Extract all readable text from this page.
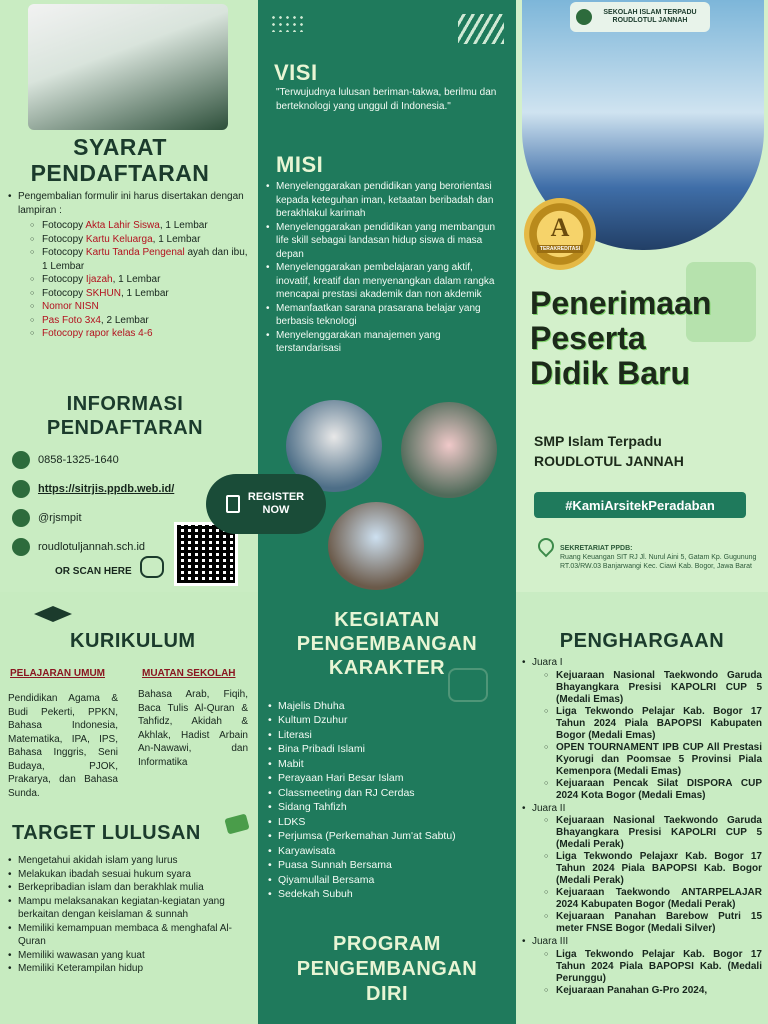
SYARAT PENDAFTARAN
• Pengembalian formulir ini harus disertakan dengan lampiran :
○ Fotocopy Akta Lahir Siswa, 1 Lembar
○ Fotocopy Kartu Keluarga, 1 Lembar
○ Fotocopy Kartu Tanda Pengenal ayah dan ibu, 1 Lembar
○ Fotocopy Ijazah, 1 Lembar
○ Fotocopy SKHUN, 1 Lembar
○ Nomor NISN
○ Pas Foto 3x4, 2 Lembar
○ Fotocopy rapor kelas 4-6
INFORMASI PENDAFTARAN
0858-1325-1640
https://sitrjis.ppdb.web.id/
@rjsmpit
roudlotuljannah.sch.id
OR SCAN HERE
VISI
"Terwujudnya lulusan beriman-takwa, berilmu dan berteknologi yang unggul di Indonesia."
MISI
• Menyelenggarakan pendidikan yang berorientasi kepada keteguhan iman, ketaatan beribadah dan berakhlakul karimah
• Menyelenggarakan pendidikan yang membangun life skill sebagai landasan hidup siswa di masa depan
• Menyelenggarakan pembelajaran yang aktif, inovatif, kreatif dan menyenangkan dalam rangka mencapai prestasi akademik dan non akdemik
• Memanfaatkan sarana prasarana belajar yang berbasis teknologi
• Menyelenggarakan manajemen yang terstandarisasi
REGISTER NOW
SEKOLAH ISLAM TERPADU ROUDLOTUL JANNAH
A
TERAKREDITASI
Penerimaan
Peserta
Didik Baru
SMP Islam Terpadu
ROUDLOTUL JANNAH
#KamiArsitekPeradaban
SEKRETARIAT PPDB:
Ruang Keuangan SIT RJ Jl. Nurul Aini 5, Gatam Kp. Gugunung RT.03/RW.03 Banjarwangi Kec. Ciawi Kab. Bogor, Jawa Barat
KURIKULUM
PELAJARAN UMUM
Pendidikan Agama & Budi Pekerti, PPKN, Bahasa Indonesia, Matematika, IPA, IPS, Bahasa Inggris, Seni Budaya, PJOK, Prakarya, dan Bahasa Sunda.
MUATAN SEKOLAH
Bahasa Arab, Fiqih, Baca Tulis Al-Quran & Tahfidz, Akidah & Akhlak, Hadist Arbain An-Nawawi, dan Informatika
TARGET LULUSAN
• Mengetahui akidah islam yang lurus
• Melakukan ibadah sesuai hukum syara
• Berkepribadian islam dan berakhlak mulia
• Mampu melaksanakan kegiatan-kegiatan yang berkaitan dengan keislaman & sunnah
• Memiliki kemampuan membaca & menghafal Al-Quran
• Memiliki wawasan yang kuat
• Memiliki Keterampilan hidup
KEGIATAN PENGEMBANGAN KARAKTER
• Majelis Dhuha
• Kultum Dzuhur
• Literasi
• Bina Pribadi Islami
• Mabit
• Perayaan Hari Besar Islam
• Classmeeting dan RJ Cerdas
• Sidang Tahfizh
• LDKS
• Perjumsa (Perkemahan Jum'at Sabtu)
• Karyawisata
• Puasa Sunnah Bersama
• Qiyamullail Bersama
• Sedekah Subuh
PROGRAM PENGEMBANGAN DIRI
PENGHARGAAN
• Juara I
○ Kejuaraan Nasional Taekwondo Garuda Bhayangkara Presisi KAPOLRI CUP 5 (Medali Emas)
○ Liga Tekwondo Pelajar Kab. Bogor 17 Tahun 2024 Piala BAPOPSI Kabupaten Bogor (Medali Emas)
○ OPEN TOURNAMENT IPB CUP All Prestasi Kyorugi dan Poomsae 5 Provinsi Piala Kemenpora (Medali Emas)
○ Kejuaraan Pencak Silat DISPORA CUP 2024 Kota Bogor (Medali Emas)
• Juara II
○ Kejuaraan Nasional Taekwondo Garuda Bhayangkara Presisi KAPOLRI CUP 5 (Medali Perak)
○ Liga Tekwondo Pelajaxr Kab. Bogor 17 Tahun 2024 Piala BAPOPSI Kab. Bogor (Medali Perak)
○ Kejuaraan Taekwondo ANTARPELAJAR 2024 Kabupaten Bogor (Medali Perak)
○ Kejuaraan Panahan Barebow Putri 15 meter FNSE Bogor (Medali Silver)
• Juara III
○ Liga Tekwondo Pelajar Kab. Bogor 17 Tahun 2024 Piala BAPOPSI Kab. (Medali Perunggu)
○ Kejuaraan Panahan G-Pro 2024,
